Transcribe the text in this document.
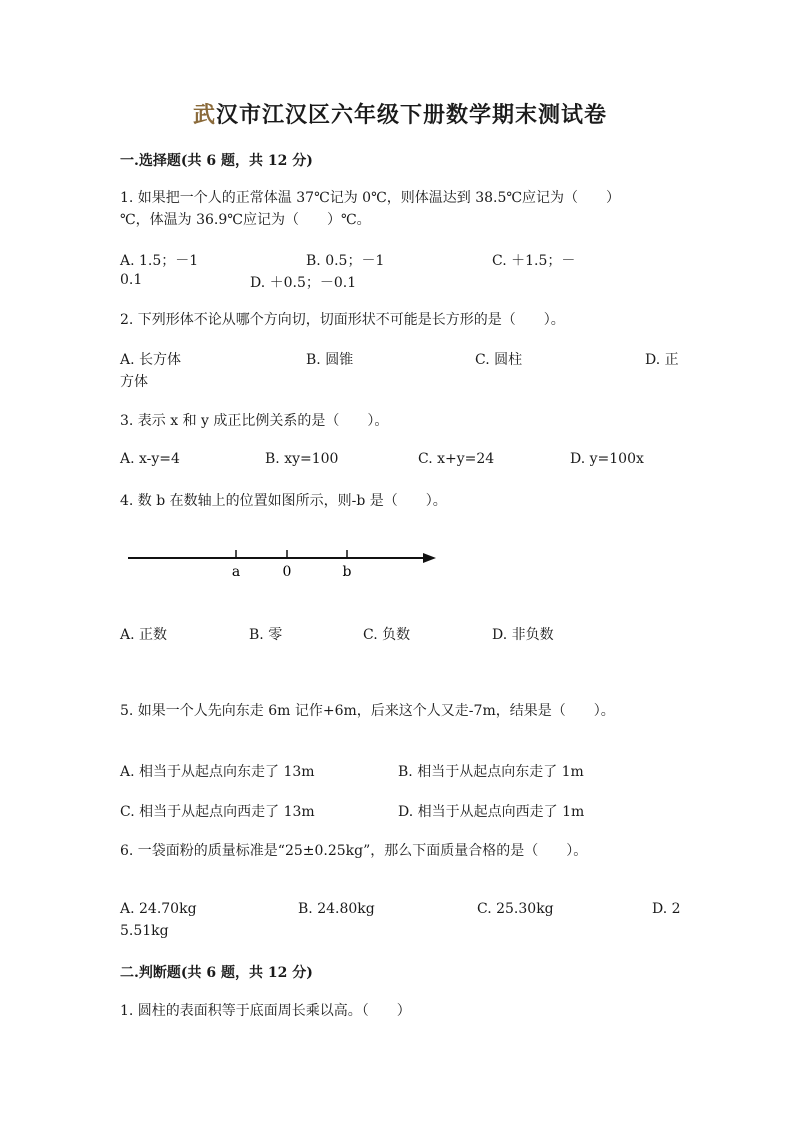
武汉市江汉区六年级下册数学期末测试卷
一.选择题(共 6 题，共 12 分)
1. 如果把一个人的正常体温 37℃记为 0℃，则体温达到 38.5℃应记为（　　）
℃，体温为 36.9℃应记为（　　）℃。
A. 1.5；－1	B. 0.5；－1	C. ＋1.5；－
0.1	D. ＋0.5；－0.1
2. 下列形体不论从哪个方向切，切面形状不可能是长方形的是（　　）。
A. 长方体	B. 圆锥	C. 圆柱	D. 正
方体
3. 表示 x 和 y 成正比例关系的是（　　）。
A. x-y=4	B. xy=100	C. x+y=24	D. y=100x
4. 数 b 在数轴上的位置如图所示，则-b 是（　　）。
a	0	b
A. 正数	B. 零	C. 负数	D. 非负数
5. 如果一个人先向东走 6m 记作+6m，后来这个人又走-7m，结果是（　　）。
A. 相当于从起点向东走了 13m	B. 相当于从起点向东走了 1m
C. 相当于从起点向西走了 13m	D. 相当于从起点向西走了 1m
6. 一袋面粉的质量标准是“25±0.25kg”，那么下面质量合格的是（　　）。
A. 24.70kg	B. 24.80kg	C. 25.30kg	D. 2
5.51kg
二.判断题(共 6 题，共 12 分)
1. 圆柱的表面积等于底面周长乘以高。（　　）
